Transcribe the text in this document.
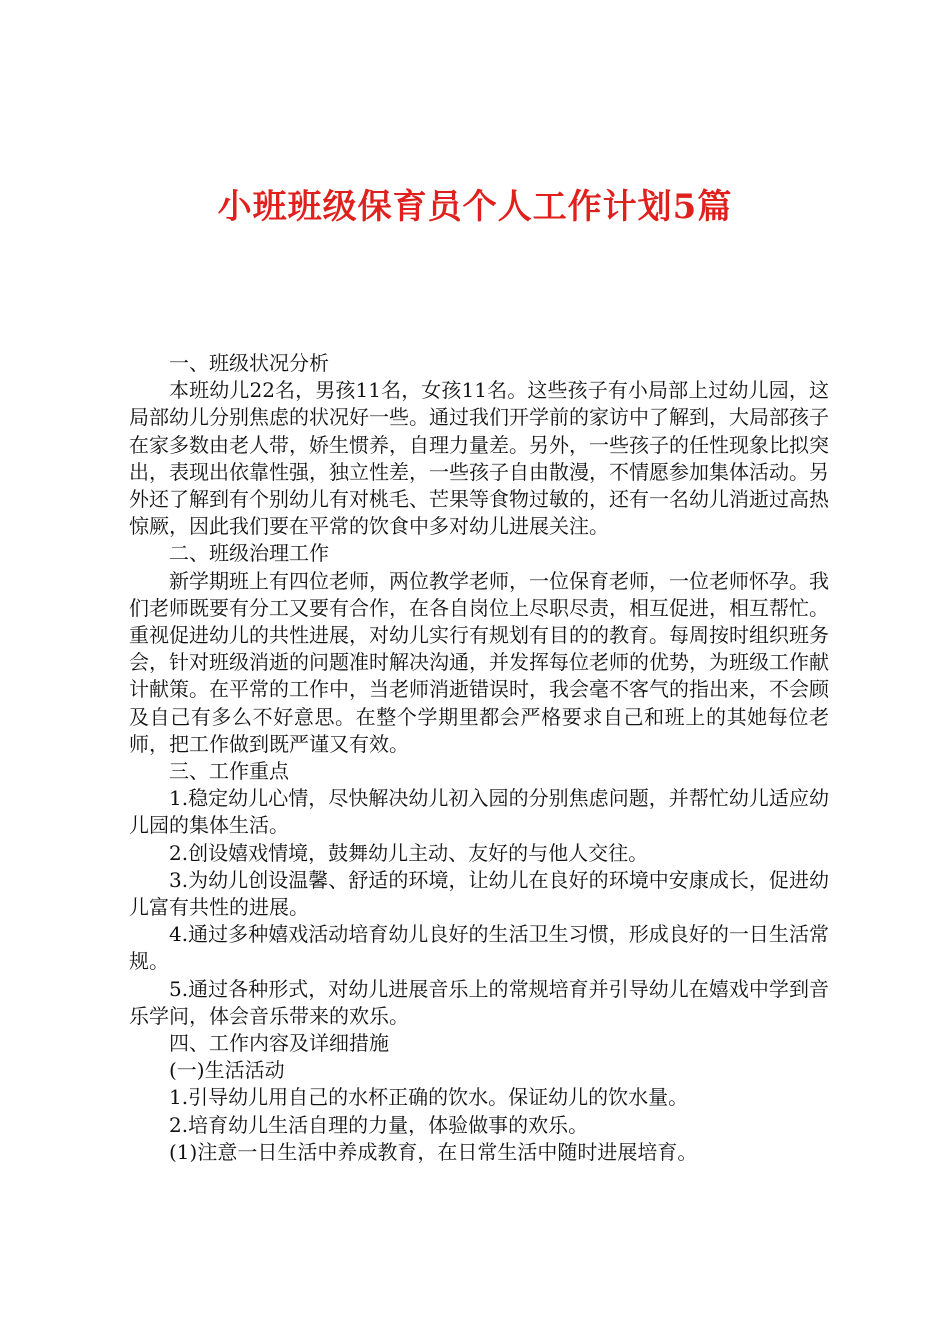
小班班级保育员个人工作计划5篇

一、班级状况分析

本班幼儿22名，男孩11名，女孩11名。这些孩子有小局部上过幼儿园，这局部幼儿分别焦虑的状况好一些。通过我们开学前的家访中了解到，大局部孩子在家多数由老人带，娇生惯养，自理力量差。另外，一些孩子的任性现象比拟突出，表现出依靠性强，独立性差，一些孩子自由散漫，不情愿参加集体活动。另外还了解到有个别幼儿有对桃毛、芒果等食物过敏的，还有一名幼儿消逝过高热惊厥，因此我们要在平常的饮食中多对幼儿进展关注。

二、班级治理工作

新学期班上有四位老师，两位教学老师，一位保育老师，一位老师怀孕。我们老师既要有分工又要有合作，在各自岗位上尽职尽责，相互促进，相互帮忙。重视促进幼儿的共性进展，对幼儿实行有规划有目的的教育。每周按时组织班务会，针对班级消逝的问题准时解决沟通，并发挥每位老师的优势，为班级工作献计献策。在平常的工作中，当老师消逝错误时，我会毫不客气的指出来，不会顾及自己有多么不好意思。在整个学期里都会严格要求自己和班上的其她每位老师，把工作做到既严谨又有效。

三、工作重点

1.稳定幼儿心情，尽快解决幼儿初入园的分别焦虑问题，并帮忙幼儿适应幼儿园的集体生活。

2.创设嬉戏情境，鼓舞幼儿主动、友好的与他人交往。

3.为幼儿创设温馨、舒适的环境，让幼儿在良好的环境中安康成长，促进幼儿富有共性的进展。

4.通过多种嬉戏活动培育幼儿良好的生活卫生习惯，形成良好的一日生活常规。

5.通过各种形式，对幼儿进展音乐上的常规培育并引导幼儿在嬉戏中学到音乐学问，体会音乐带来的欢乐。

四、工作内容及详细措施

(一)生活活动

1.引导幼儿用自己的水杯正确的饮水。保证幼儿的饮水量。

2.培育幼儿生活自理的力量，体验做事的欢乐。

(1)注意一日生活中养成教育，在日常生活中随时进展培育。
